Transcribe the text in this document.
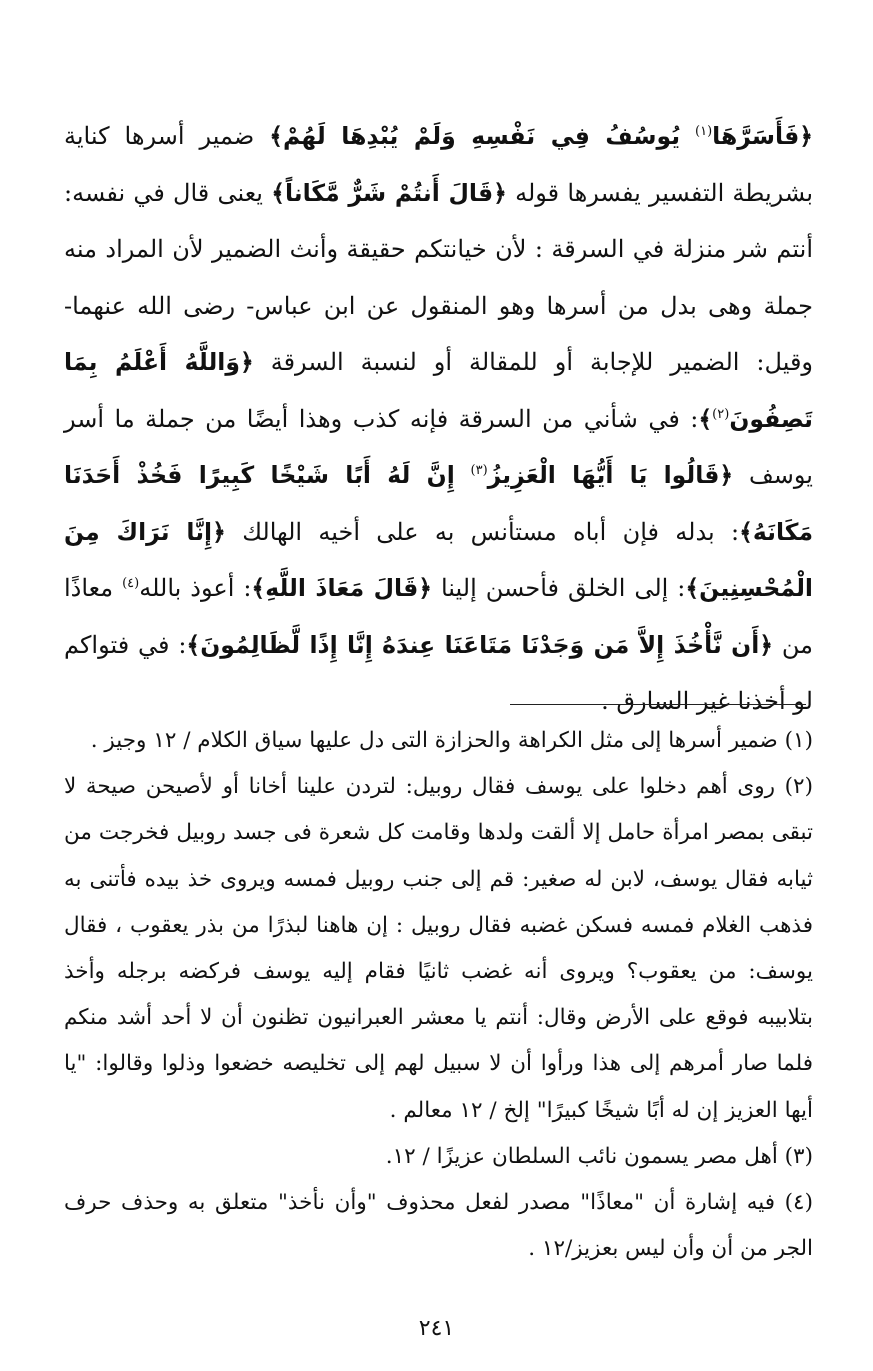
﴿فَأَسَرَّهَا$^{(١)}$ يُوسُفُ فِي نَفْسِهِ وَلَمْ يُبْدِهَا لَهُمْ﴾ ضمير أسرها كناية بشريطة التفسير يفسرها قوله ﴿قَالَ أَنتُمْ شَرٌّ مَّكَاناً﴾ يعنى قال في نفسه: أنتم شر منزلة في السرقة : لأن خيانتكم حقيقة وأنث الضمير لأن المراد منه جملة وهى بدل من أسرها وهو المنقول عن ابن عباس- رضى الله عنهما- وقيل: الضمير للإجابة أو للمقالة أو لنسبة السرقة ﴿وَاللَّهُ أَعْلَمُ بِمَا تَصِفُونَ$^{(٢)}$﴾: في شأني من السرقة فإنه كذب وهذا أيضًا من جملة ما أسر يوسف ﴿قَالُوا يَا أَيُّهَا الْعَزِيزُ$^{(٣)}$ إِنَّ لَهُ أَبًا شَيْخًا كَبِيرًا فَخُذْ أَحَدَنَا مَكَانَهُ﴾: بدله فإن أباه مستأنس به على أخيه الهالك ﴿إِنَّا نَرَاكَ مِنَ الْمُحْسِنِينَ﴾: إلى الخلق فأحسن إلينا ﴿قَالَ مَعَاذَ اللَّهِ﴾: أعوذ بالله$^{(٤)}$ معاذًا من ﴿أَن نَّأْخُذَ إِلاَّ مَن وَجَدْنَا مَتَاعَنَا عِندَهُ إِنَّا إِذًا لَّظَالِمُونَ﴾: في فتواكم لو أخذنا غير السارق .

(١) ضمير أسرها إلى مثل الكراهة والحزازة التى دل عليها سياق الكلام / ١٢ وجيز .
(٢) روى أهم دخلوا على يوسف فقال روبيل: لتردن علينا أخانا أو لأصيحن صيحة لا تبقى بمصر امرأة حامل إلا ألقت ولدها وقامت كل شعرة فى جسد روبيل فخرجت من ثيابه فقال يوسف، لابن له صغير: قم إلى جنب روبيل فمسه ويروى خذ بيده فأتنى به فذهب الغلام فمسه فسكن غضبه فقال روبيل : إن هاهنا لبذرًا من بذر يعقوب ، فقال يوسف: من يعقوب؟ ويروى أنه غضب ثانيًا فقام إليه يوسف فركضه برجله وأخذ بتلابيبه فوقع على الأرض وقال: أنتم يا معشر العبرانيون تظنون أن لا أحد أشد منكم فلما صار أمرهم إلى هذا ورأوا أن لا سبيل لهم إلى تخليصه خضعوا وذلوا وقالوا: "يا أيها العزيز إن له أبًا شيخًا كبيرًا" إلخ / ١٢ معالم .
(٣) أهل مصر يسمون نائب السلطان عزيزًا / ١٢.
(٤) فيه إشارة أن "معاذًا" مصدر لفعل محذوف "وأن نأخذ" متعلق به وحذف حرف الجر من أن وأن ليس بعزيز/١٢ .
٢٤١
